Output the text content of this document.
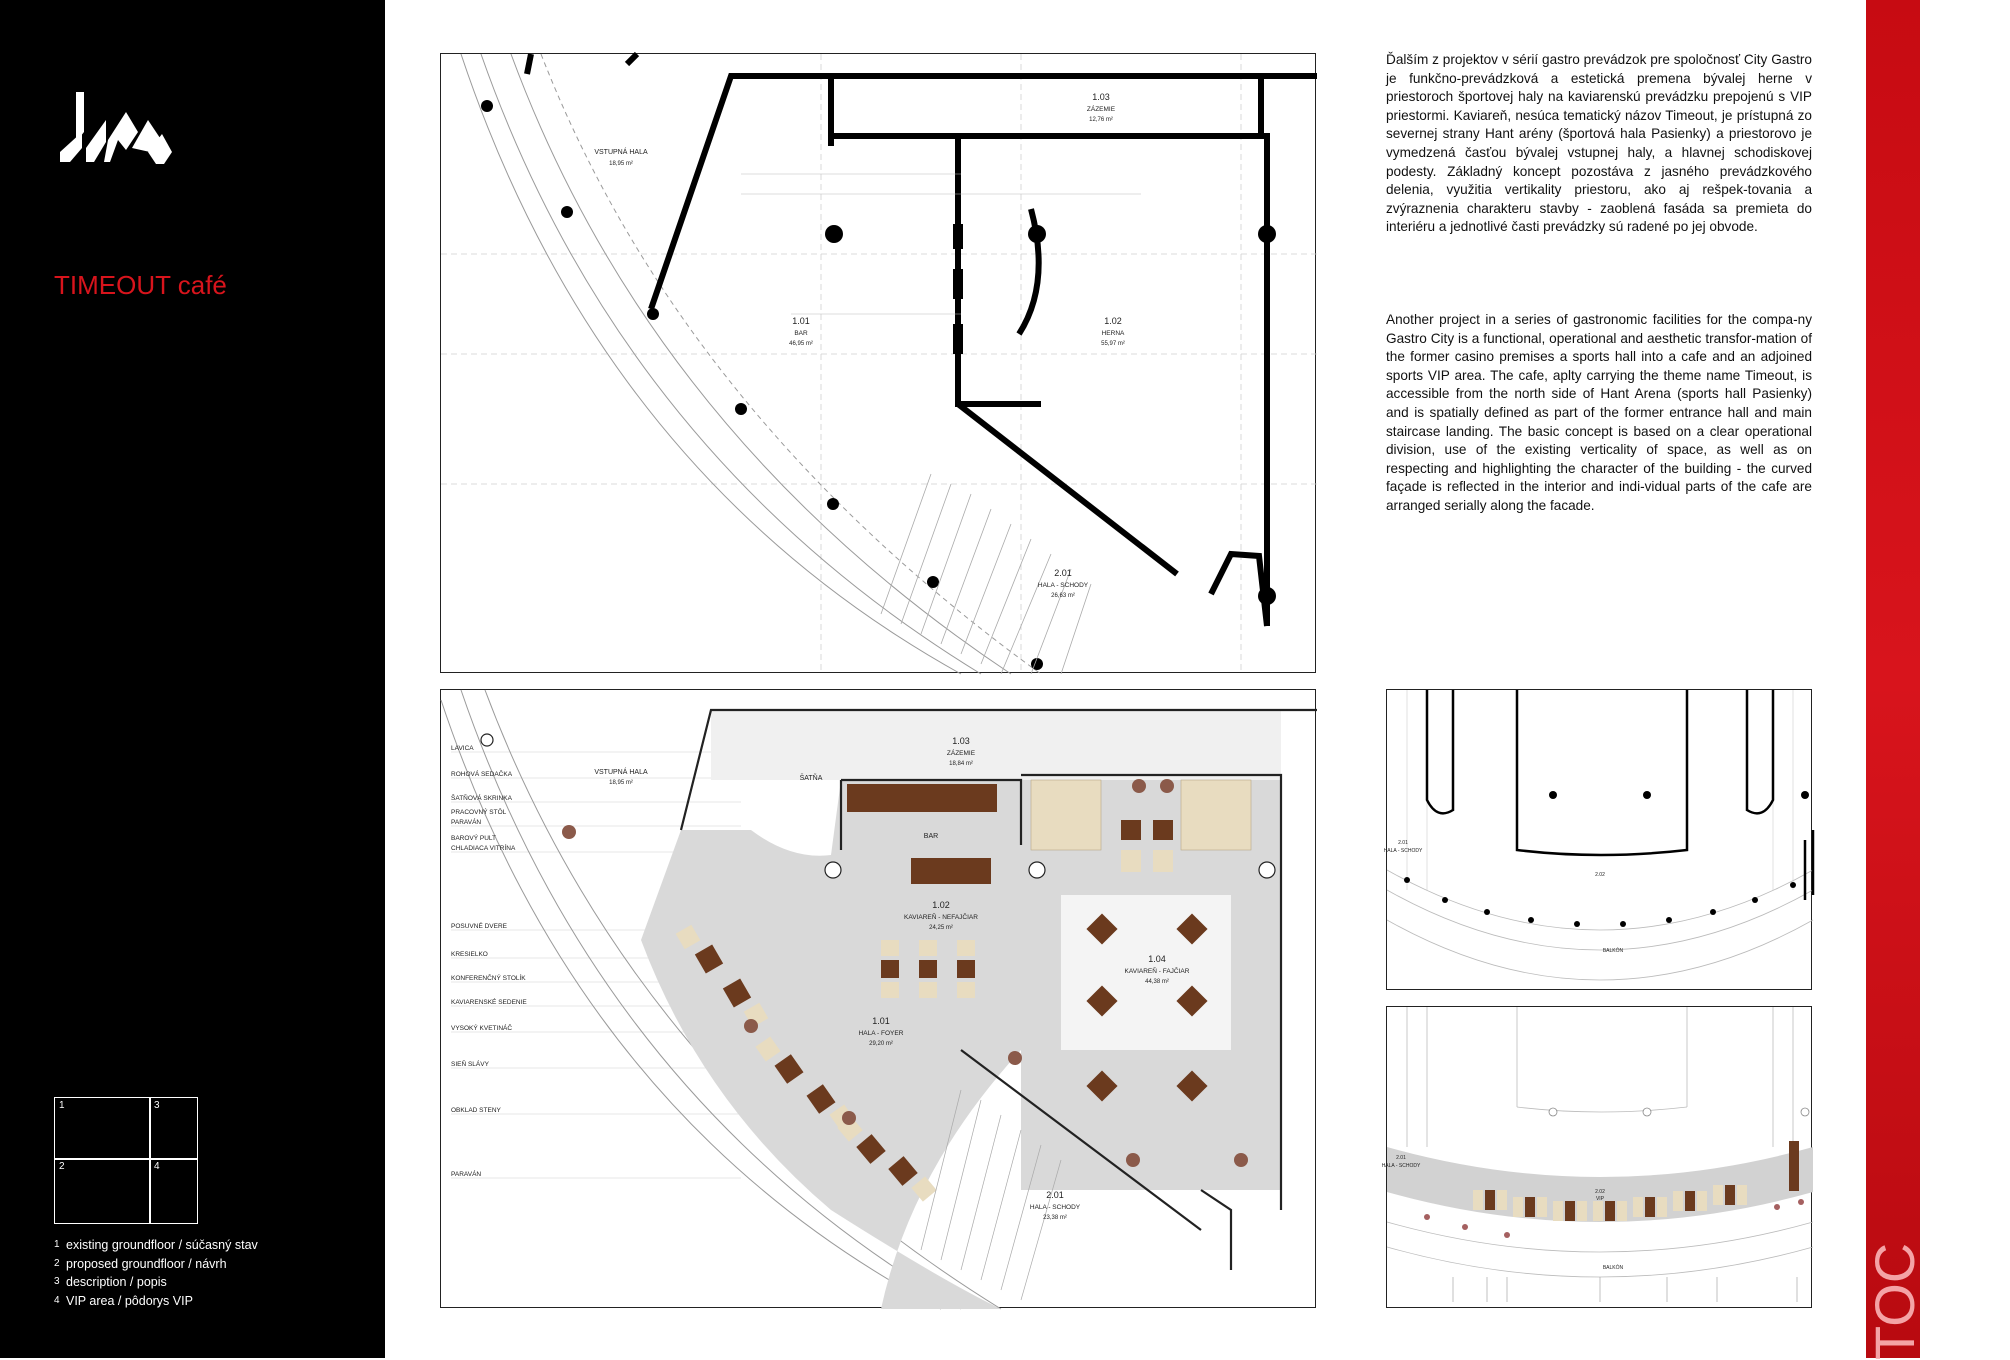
TIMEOUT café
1	3
2	4
1 existing groundfloor / súčasný stav
2 proposed groundfloor / návrh
3 description / popis
4 VIP area / pôdorys VIP	TOC
1.03
ZÁZEMIE
12,76 m²
VSTUPNÁ HALA
18,95 m²
1.01
BAR
46,95 m²
1.02
HERNA
55,97 m²
2.01
HALA - SCHODY
26,63 m²
1.03
ZÁZEMIE
18,84 m²
VSTUPNÁ HALA
18,95 m²
ŠATŇA
BAR
1.02
KAVIAREŇ - NEFAJČIAR
24,25 m²
1.04
KAVIAREŇ - FAJČIAR
44,38 m²
1.01
HALA - FOYER
29,20 m²
2.01
HALA - SCHODY
23,38 m²
LAVICA
ROHOVÁ SEDAČKA
ŠATŇOVÁ SKRINKA
PRACOVNÝ STÔL
PARAVÁN
BAROVÝ PULT
CHLADIACA VITRÍNA
POSUVNÉ DVERE
KRESIELKO
KONFERENČNÝ STOLÍK
KAVIARENSKÉ SEDENIE
VYSOKÝ KVETINÁČ
SIEŇ SLÁVY
OBKLAD STENY
PARAVÁN
Ďalším z projektov v sérií gastro prevádzok pre spoločnosť City Gastro je funkčno-prevádzková a estetická premena bývalej herne v priestoroch športovej haly na kaviarenskú prevádzku prepojenú s VIP priestormi. Kaviareň, nesúca tematický názov Timeout, je prístupná zo severnej strany Hant arény (športová hala Pasienky) a priestorovo je vymedzená časťou bývalej vstupnej haly, a hlavnej schodiskovej podesty. Základný koncept pozostáva z jasného prevádzkového delenia, využitia vertikality priestoru, ako aj rešpek-tovania a zvýraznenia charakteru stavby - zaoblená fasáda sa premieta do interiéru a jednotlivé časti prevádzky sú radené po jej obvode.
Another project in a series of gastronomic facilities for the compa-ny Gastro City is a functional, operational and aesthetic transfor-mation of the former casino premises a sports hall into a cafe and an adjoined sports VIP area. The cafe, aplty carrying the theme name Timeout, is accessible from the north side of Hant Arena (sports hall Pasienky) and is spatially defined as part of the former entrance hall and main staircase landing. The basic concept is based on a clear operational division, use of the existing verticality of space, as well as on respecting and highlighting the character of the building - the curved façade is reflected in the interior and indi-vidual parts of the cafe are arranged serially along the facade.
2.01
HALA - SCHODY
2.02
BALKÓN
2.01
HALA - SCHODY
2.02
VIP
BALKÓN
